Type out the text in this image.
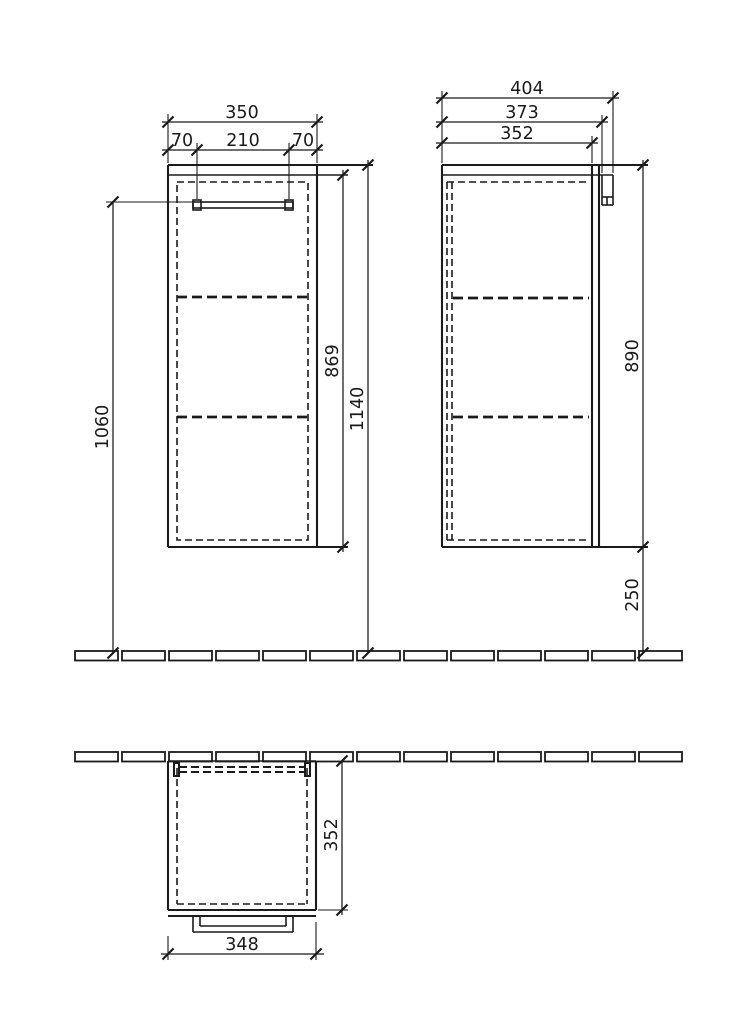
350
70 210 70
1060
869
1140
404
373
352
890
250
352
348
